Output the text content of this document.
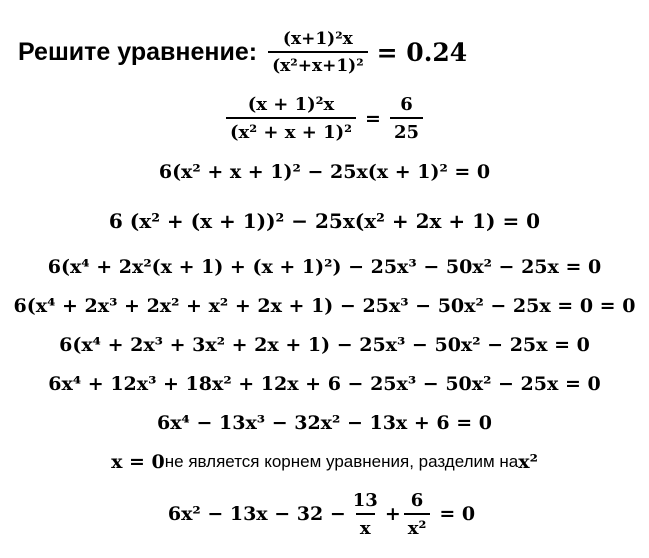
Решите уравнение: $\frac{\text{(x+1)²x}}{\text{(x²+x+1)²}} = 0.24$
$\frac{\text{(x + 1)²x}}{\text{(x² + x + 1)²}} = \frac{6}{25}$
6(x² + x + 1)² − 25x(x + 1)² = 0
6 (x² + (x + 1))² − 25x(x² + 2x + 1) = 0
6(x⁴ + 2x²(x + 1) + (x + 1)²) − 25x³ − 50x² − 25x = 0
6(x⁴ + 2x³ + 2x² + x² + 2x + 1) − 25x³ − 50x² − 25x = 0 = 0
6(x⁴ + 2x³ + 3x² + 2x + 1) − 25x³ − 50x² − 25x = 0
6x⁴ + 12x³ + 18x² + 12x + 6 − 25x³ − 50x² − 25x = 0
6x⁴ − 13x³ − 32x² − 13x + 6 = 0
x = 0 не является корнем уравнения, разделим на x²
$6x^2 - 13x - 32 - \frac{13}{x} + \frac{6}{\text{x²}} = 0$
